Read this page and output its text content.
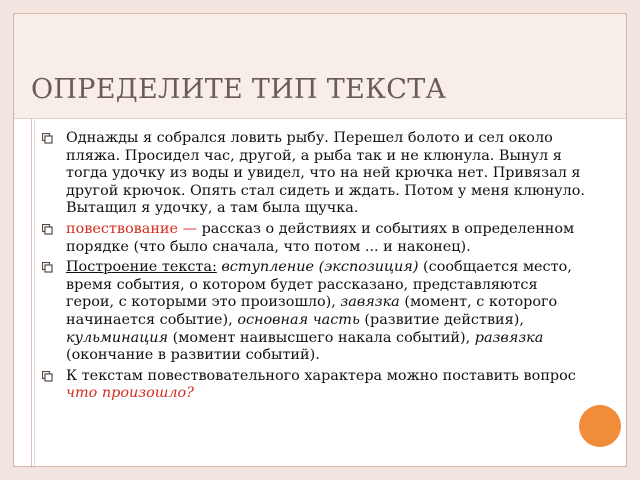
ОПРЕДЕЛИТЕ ТИП ТЕКСТА
Однажды я собрался ловить рыбу. Перешел болото и сел около пляжа. Просидел час, другой, а рыба так и не клюнула. Вынул я тогда удочку из воды и увидел, что на ней крючка нет. Привязал я другой крючок. Опять стал сидеть и ждать. Потом у меня клюнуло. Вытащил я удочку, а там была щучка.
повествование — рассказ о действиях и событиях в определенном порядке (что было сначала, что потом ... и наконец).
Построение текста: вступление (экспозиция) (сообщается место, время события, о котором будет рассказано, представляются герои, с которыми это произошло), завязка (момент, с которого начинается событие), основная часть (развитие действия), кульминация (момент наивысшего накала событий), развязка (окончание в развитии событий).
К текстам повествовательного характера можно поставить вопрос что произошло?
